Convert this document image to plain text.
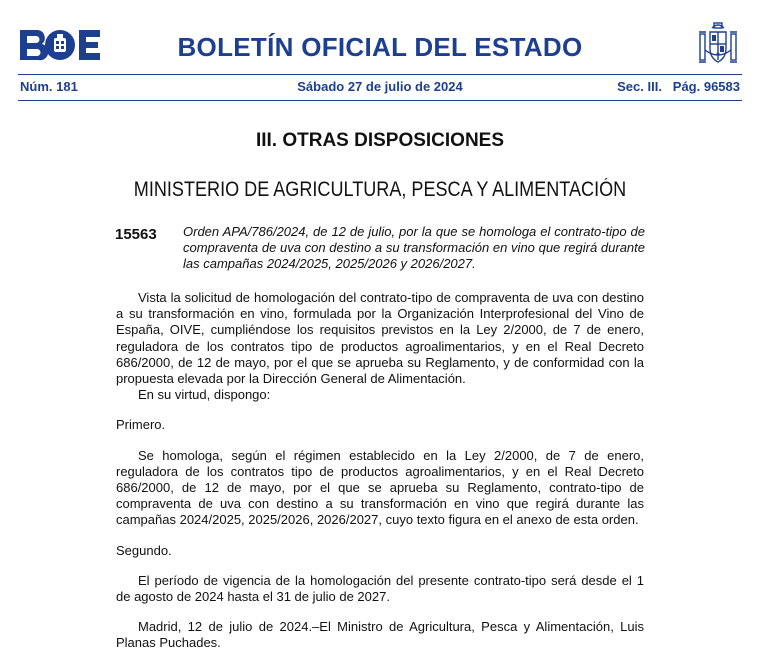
BOLETÍN OFICIAL DEL ESTADO
Núm. 181	Sábado 27 de julio de 2024	Sec. III.   Pág. 96583
III. OTRAS DISPOSICIONES
MINISTERIO DE AGRICULTURA, PESCA Y ALIMENTACIÓN
15563 Orden APA/786/2024, de 12 de julio, por la que se homologa el contrato-tipo de compraventa de uva con destino a su transformación en vino que regirá durante las campañas 2024/2025, 2025/2026 y 2026/2027.

Vista la solicitud de homologación del contrato-tipo de compraventa de uva con destino a su transformación en vino, formulada por la Organización Interprofesional del Vino de España, OIVE, cumpliéndose los requisitos previstos en la Ley 2/2000, de 7 de enero, reguladora de los contratos tipo de productos agroalimentarios, y en el Real Decreto 686/2000, de 12 de mayo, por el que se aprueba su Reglamento, y de conformidad con la propuesta elevada por la Dirección General de Alimentación.

En su virtud, dispongo:

Primero.

Se homologa, según el régimen establecido en la Ley 2/2000, de 7 de enero, reguladora de los contratos tipo de productos agroalimentarios, y en el Real Decreto 686/2000, de 12 de mayo, por el que se aprueba su Reglamento, contrato-tipo de compraventa de uva con destino a su transformación en vino que regirá durante las campañas 2024/2025, 2025/2026, 2026/2027, cuyo texto figura en el anexo de esta orden.

Segundo.

El período de vigencia de la homologación del presente contrato-tipo será desde el 1 de agosto de 2024 hasta el 31 de julio de 2027.

Madrid, 12 de julio de 2024.–El Ministro de Agricultura, Pesca y Alimentación, Luis Planas Puchades.
